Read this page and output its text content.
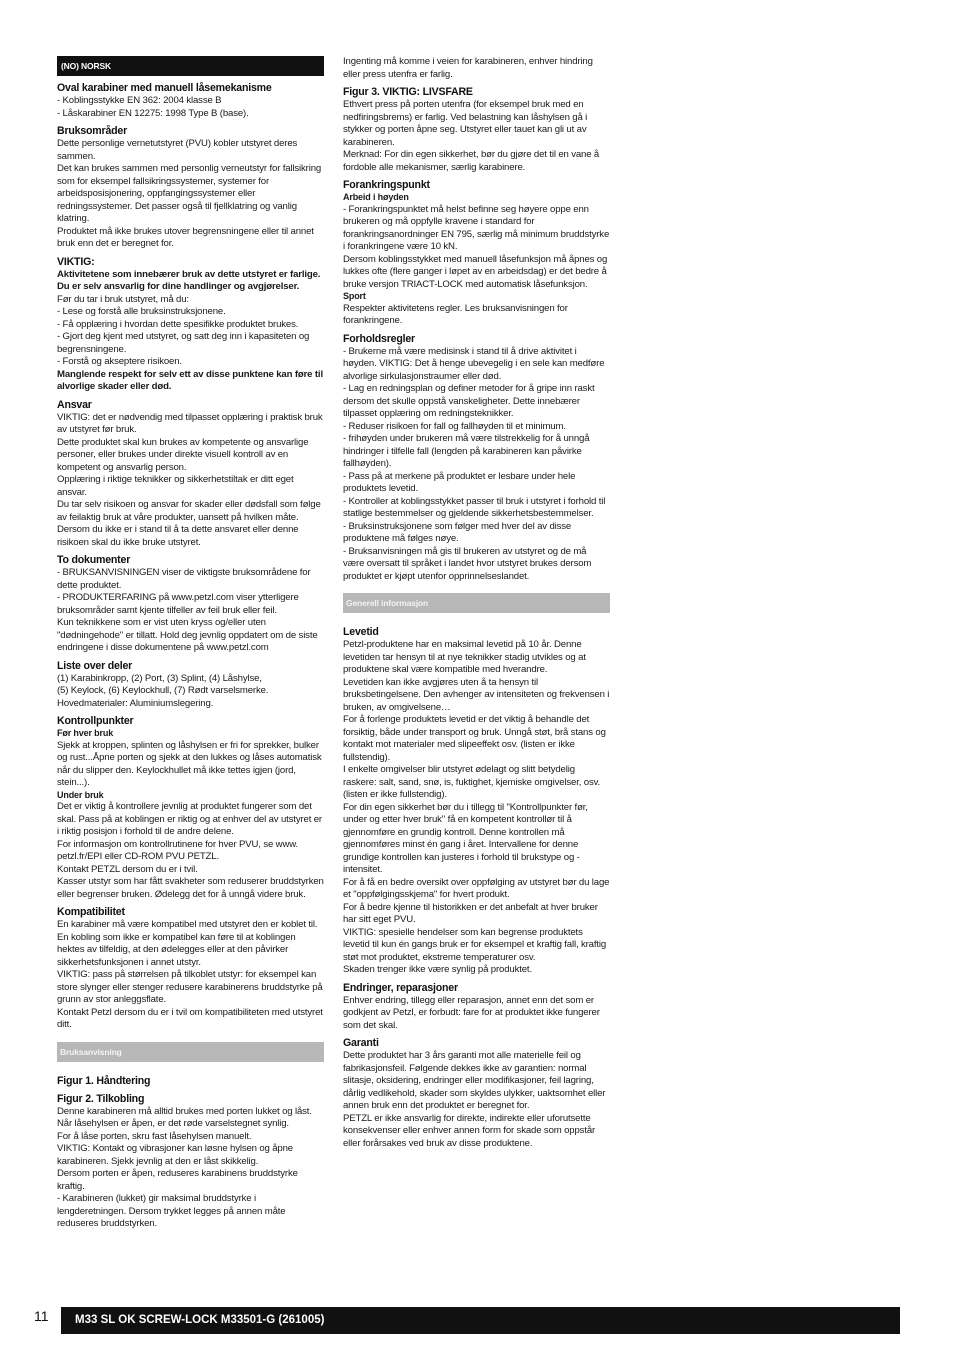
(NO) NORSK
Oval karabiner med manuell låsemekanisme
- Koblingsstykke EN 362: 2004 klasse B
- Låskarabiner EN 12275: 1998 Type B (base).
Bruksområder
Dette personlige vernetutstyret (PVU) kobler utstyret deres sammen.
Det kan brukes sammen med personlig verneutstyr for fallsikring som for eksempel fallsikringssystemer, systemer for arbeidsposisjonering, oppfangingssystemer eller redningssystemer. Det passer også til fjellklatring og vanlig klatring.
Produktet må ikke brukes utover begrensningene eller til annet bruk enn det er beregnet for.
VIKTIG:
Aktivitetene som innebærer bruk av dette utstyret er farlige. Du er selv ansvarlig for dine handlinger og avgjørelser.
Før du tar i bruk utstyret, må du:
- Lese og forstå alle bruksinstruksjonene.
- Få opplæring i hvordan dette spesifikke produktet brukes.
- Gjort deg kjent med utstyret, og satt deg inn i kapasiteten og begrensningene.
- Forstå og akseptere risikoen.
Manglende respekt for selv ett av disse punktene kan føre til alvorlige skader eller død.
Ansvar
VIKTIG: det er nødvendig med tilpasset opplæring i praktisk bruk av utstyret før bruk.
Dette produktet skal kun brukes av kompetente og ansvarlige personer, eller brukes under direkte visuell kontroll av en kompetent og ansvarlig person.
Opplæring i riktige teknikker og sikkerhetstiltak er ditt eget ansvar.
Du tar selv risikoen og ansvar for skader eller dødsfall som følge av feilaktig bruk at våre produkter, uansett på hvilken måte. Dersom du ikke er i stand til å ta dette ansvaret eller denne risikoen skal du ikke bruke utstyret.
To dokumenter
- BRUKSANVISNINGEN viser de viktigste bruksområdene for dette produktet.
- PRODUKTERFARING på www.petzl.com viser ytterligere bruksområder samt kjente tilfeller av feil bruk eller feil.
Kun teknikkene som er vist uten kryss og/eller uten "dødningehode" er tillatt. Hold deg jevnlig oppdatert om de siste endringene i disse dokumentene på www.petzl.com
Liste over deler
(1) Karabinkropp, (2) Port, (3) Splint, (4) Låshylse,
(5) Keylock, (6) Keylockhull, (7) Rødt varselsmerke.
Hovedmaterialer: Aluminiumslegering.
Kontrollpunkter
Før hver bruk
Sjekk at kroppen, splinten og låshylsen er fri for sprekker, bulker og rust...Åpne porten og sjekk at den lukkes og låses automatisk når du slipper den. Keylockhullet må ikke tettes igjen (jord, stein...).
Under bruk
Det er viktig å kontrollere jevnlig at produktet fungerer som det skal. Pass på at koblingen er riktig og at enhver del av utstyret er i riktig posisjon i forhold til de andre delene.
For informasjon om kontrollrutinene for hver PVU, se www. petzl.fr/EPI eller CD-ROM PVU PETZL.
Kontakt PETZL dersom du er i tvil.
Kasser utstyr som har fått svakheter som reduserer bruddstyrken eller begrenser bruken. Ødelegg det for å unngå videre bruk.
Kompatibilitet
En karabiner må være kompatibel med utstyret den er koblet til. En kobling som ikke er kompatibel kan føre til at koblingen hektes av tilfeldig, at den ødelegges eller at den påvirker sikkerhetsfunksjonen i annet utstyr.
VIKTIG: pass på størrelsen på tilkoblet utstyr: for eksempel kan store slynger eller stenger redusere karabinerens bruddstyrke på grunn av stor anleggsflate.
Kontakt Petzl dersom du er i tvil om kompatibiliteten med utstyret ditt.
Bruksanvisning
Figur 1. Håndtering
Figur 2. Tilkobling
Denne karabineren må alltid brukes med porten lukket og låst.
Når låsehylsen er åpen, er det røde varselstegnet synlig.
For å låse porten, skru fast låsehylsen manuelt.
VIKTIG: Kontakt og vibrasjoner kan løsne hylsen og åpne karabineren. Sjekk jevnlig at den er låst skikkelig.
Dersom porten er åpen, reduseres karabinens bruddstyrke kraftig.
- Karabineren (lukket) gir maksimal bruddstyrke i lengderetningen. Dersom trykket legges på annen måte reduseres bruddstyrken.
Ingenting må komme i veien for karabineren, enhver hindring eller press utenfra er farlig.
Figur 3. VIKTIG: LIVSFARE
Ethvert press på porten utenfra (for eksempel bruk med en nedfiringsbrems) er farlig. Ved belastning kan låshylsen gå i stykker og porten åpne seg. Utstyret eller tauet kan gli ut av karabineren.
Merknad: For din egen sikkerhet, bør du gjøre det til en vane å fordoble alle mekanismer, særlig karabinere.
Forankringspunkt
Arbeid i høyden
- Forankringspunktet må helst befinne seg høyere oppe enn brukeren og må oppfylle kravene i standard for forankringsanordninger EN 795, særlig må minimum bruddstyrke i forankringene være 10 kN.
Dersom koblingsstykket med manuell låsefunksjon må åpnes og lukkes ofte (flere ganger i løpet av en arbeidsdag) er det bedre å bruke versjon TRIACT-LOCK med automatisk låsefunksjon.
Sport
Respekter aktivitetens regler. Les bruksanvisningen for forankringene.
Forholdsregler
- Brukerne må være medisinsk i stand til å drive aktivitet i høyden. VIKTIG: Det å henge ubevegelig i en sele kan medføre alvorlige sirkulasjonstraumer eller død.
- Lag en redningsplan og definer metoder for å gripe inn raskt dersom det skulle oppstå vanskeligheter. Dette innebærer tilpasset opplæring om redningsteknikker.
- Reduser risikoen for fall og fallhøyden til et minimum.
- frihøyden under brukeren må være tilstrekkelig for å unngå hindringer i tilfelle fall (lengden på karabineren kan påvirke fallhøyden).
- Pass på at merkene på produktet er lesbare under hele produktets levetid.
- Kontroller at koblingsstykket passer til bruk i utstyret i forhold til statlige bestemmelser og gjeldende sikkerhetsbestemmelser.
- Bruksinstruksjonene som følger med hver del av disse produktene må følges nøye.
- Bruksanvisningen må gis til brukeren av utstyret og de må være oversatt til språket i landet hvor utstyret brukes dersom produktet er kjøpt utenfor opprinnelseslandet.
Generell informasjon
Levetid
Petzl-produktene har en maksimal levetid på 10 år. Denne levetiden tar hensyn til at nye teknikker stadig utvikles og at produktene skal være kompatible med hverandre.
Levetiden kan ikke avgjøres uten å ta hensyn til bruksbetingelsene. Den avhenger av intensiteten og frekvensen i bruken, av omgivelsene…
For å forlenge produktets levetid er det viktig å behandle det forsiktig, både under transport og bruk. Unngå støt, brå stans og kontakt mot materialer med slipeeffekt osv. (listen er ikke fullstendig).
I enkelte omgivelser blir utstyret ødelagt og slitt betydelig raskere: salt, sand, snø, is, fuktighet, kjemiske omgivelser, osv. (listen er ikke fullstendig).
For din egen sikkerhet bør du i tillegg til "Kontrollpunkter før, under og etter hver bruk" få en kompetent kontrollør til å gjennomføre en grundig kontroll. Denne kontrollen må gjennomføres minst én gang i året. Intervallene for denne grundige kontrollen kan justeres i forhold til brukstype og -intensitet.
For å få en bedre oversikt over oppfølging av utstyret bør du lage et "oppfølgingsskjema" for hvert produkt.
For å bedre kjenne til historikken er det anbefalt at hver bruker har sitt eget PVU.
VIKTIG: spesielle hendelser som kan begrense produktets levetid til kun én gangs bruk er for eksempel et kraftig fall, kraftig støt mot produktet, ekstreme temperaturer osv.
Skaden trenger ikke være synlig på produktet.
Endringer, reparasjoner
Enhver endring, tillegg eller reparasjon, annet enn det som er godkjent av Petzl, er forbudt: fare for at produktet ikke fungerer som det skal.
Garanti
Dette produktet har 3 års garanti mot alle materielle feil og fabrikasjonsfeil. Følgende dekkes ikke av garantien: normal slitasje, oksidering, endringer eller modifikasjoner, feil lagring, dårlig vedlikehold, skader som skyldes ulykker, uaktsomhet eller annen bruk enn det produktet er beregnet for.
PETZL er ikke ansvarlig for direkte, indirekte eller uforutsette konsekvenser eller enhver annen form for skade som oppstår eller forårsakes ved bruk av disse produktene.
11	M33 SL OK SCREW-LOCK M33501-G (261005)
